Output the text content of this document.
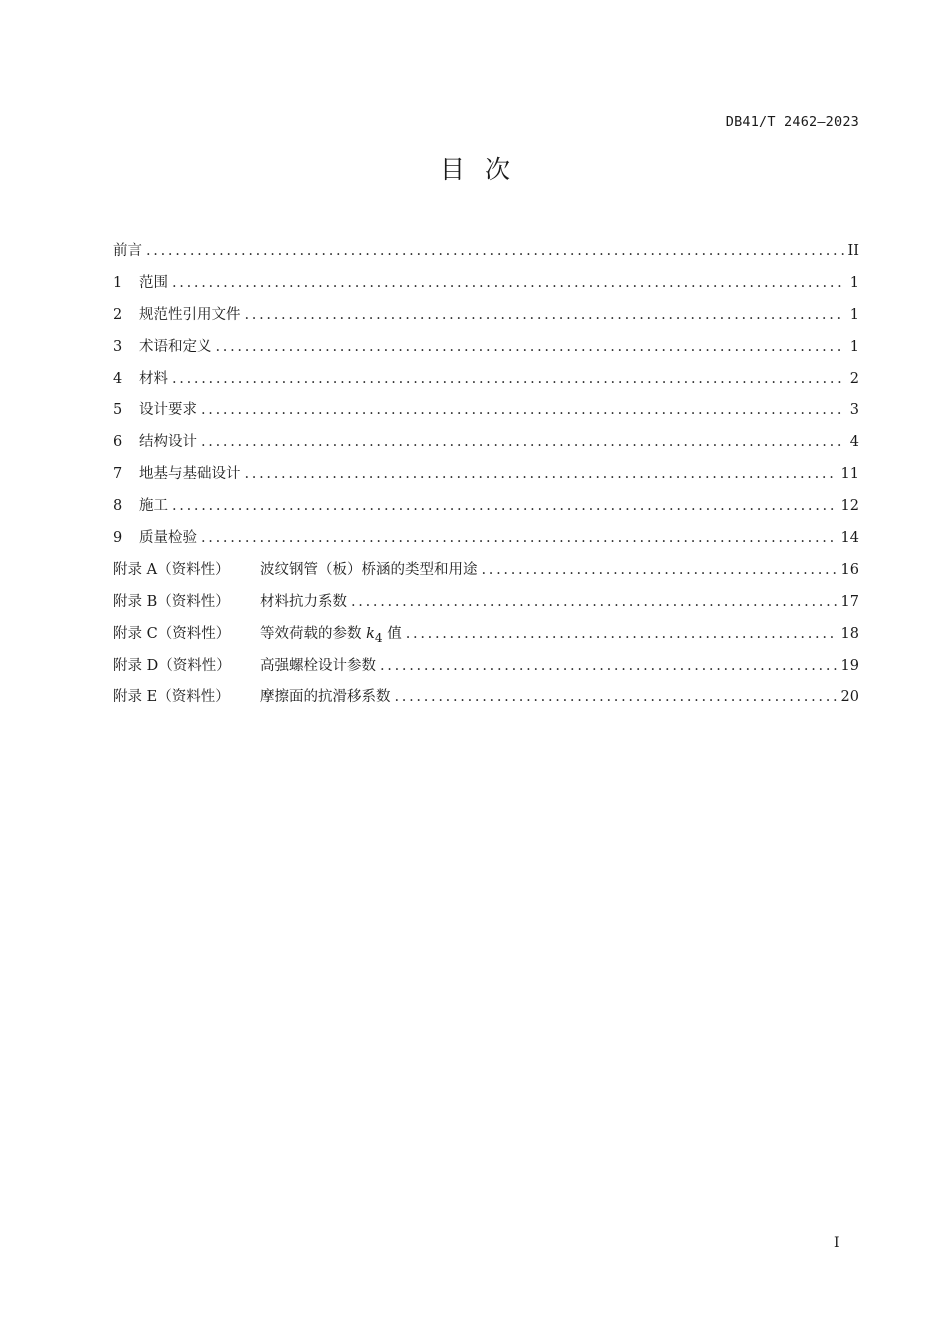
DB41/T 2462—2023
目次
前言 .....	II
1	范围 .....	1
2	规范性引用文件 .....	1
3	术语和定义 .....	1
4	材料 .....	2
5	设计要求 .....	3
6	结构设计 .....	4
7	地基与基础设计 .....	11
8	施工 .....	12
9	质量检验 .....	14
附录 A（资料性）	波纹钢管（板）桥涵的类型和用途 .....	16
附录 B（资料性）	材料抗力系数 .....	17
附录 C（资料性）	等效荷载的参数 $k_4$ 值 .....	18
附录 D（资料性）	高强螺栓设计参数 .....	19
附录 E（资料性）	摩擦面的抗滑移系数 .....	20
I
